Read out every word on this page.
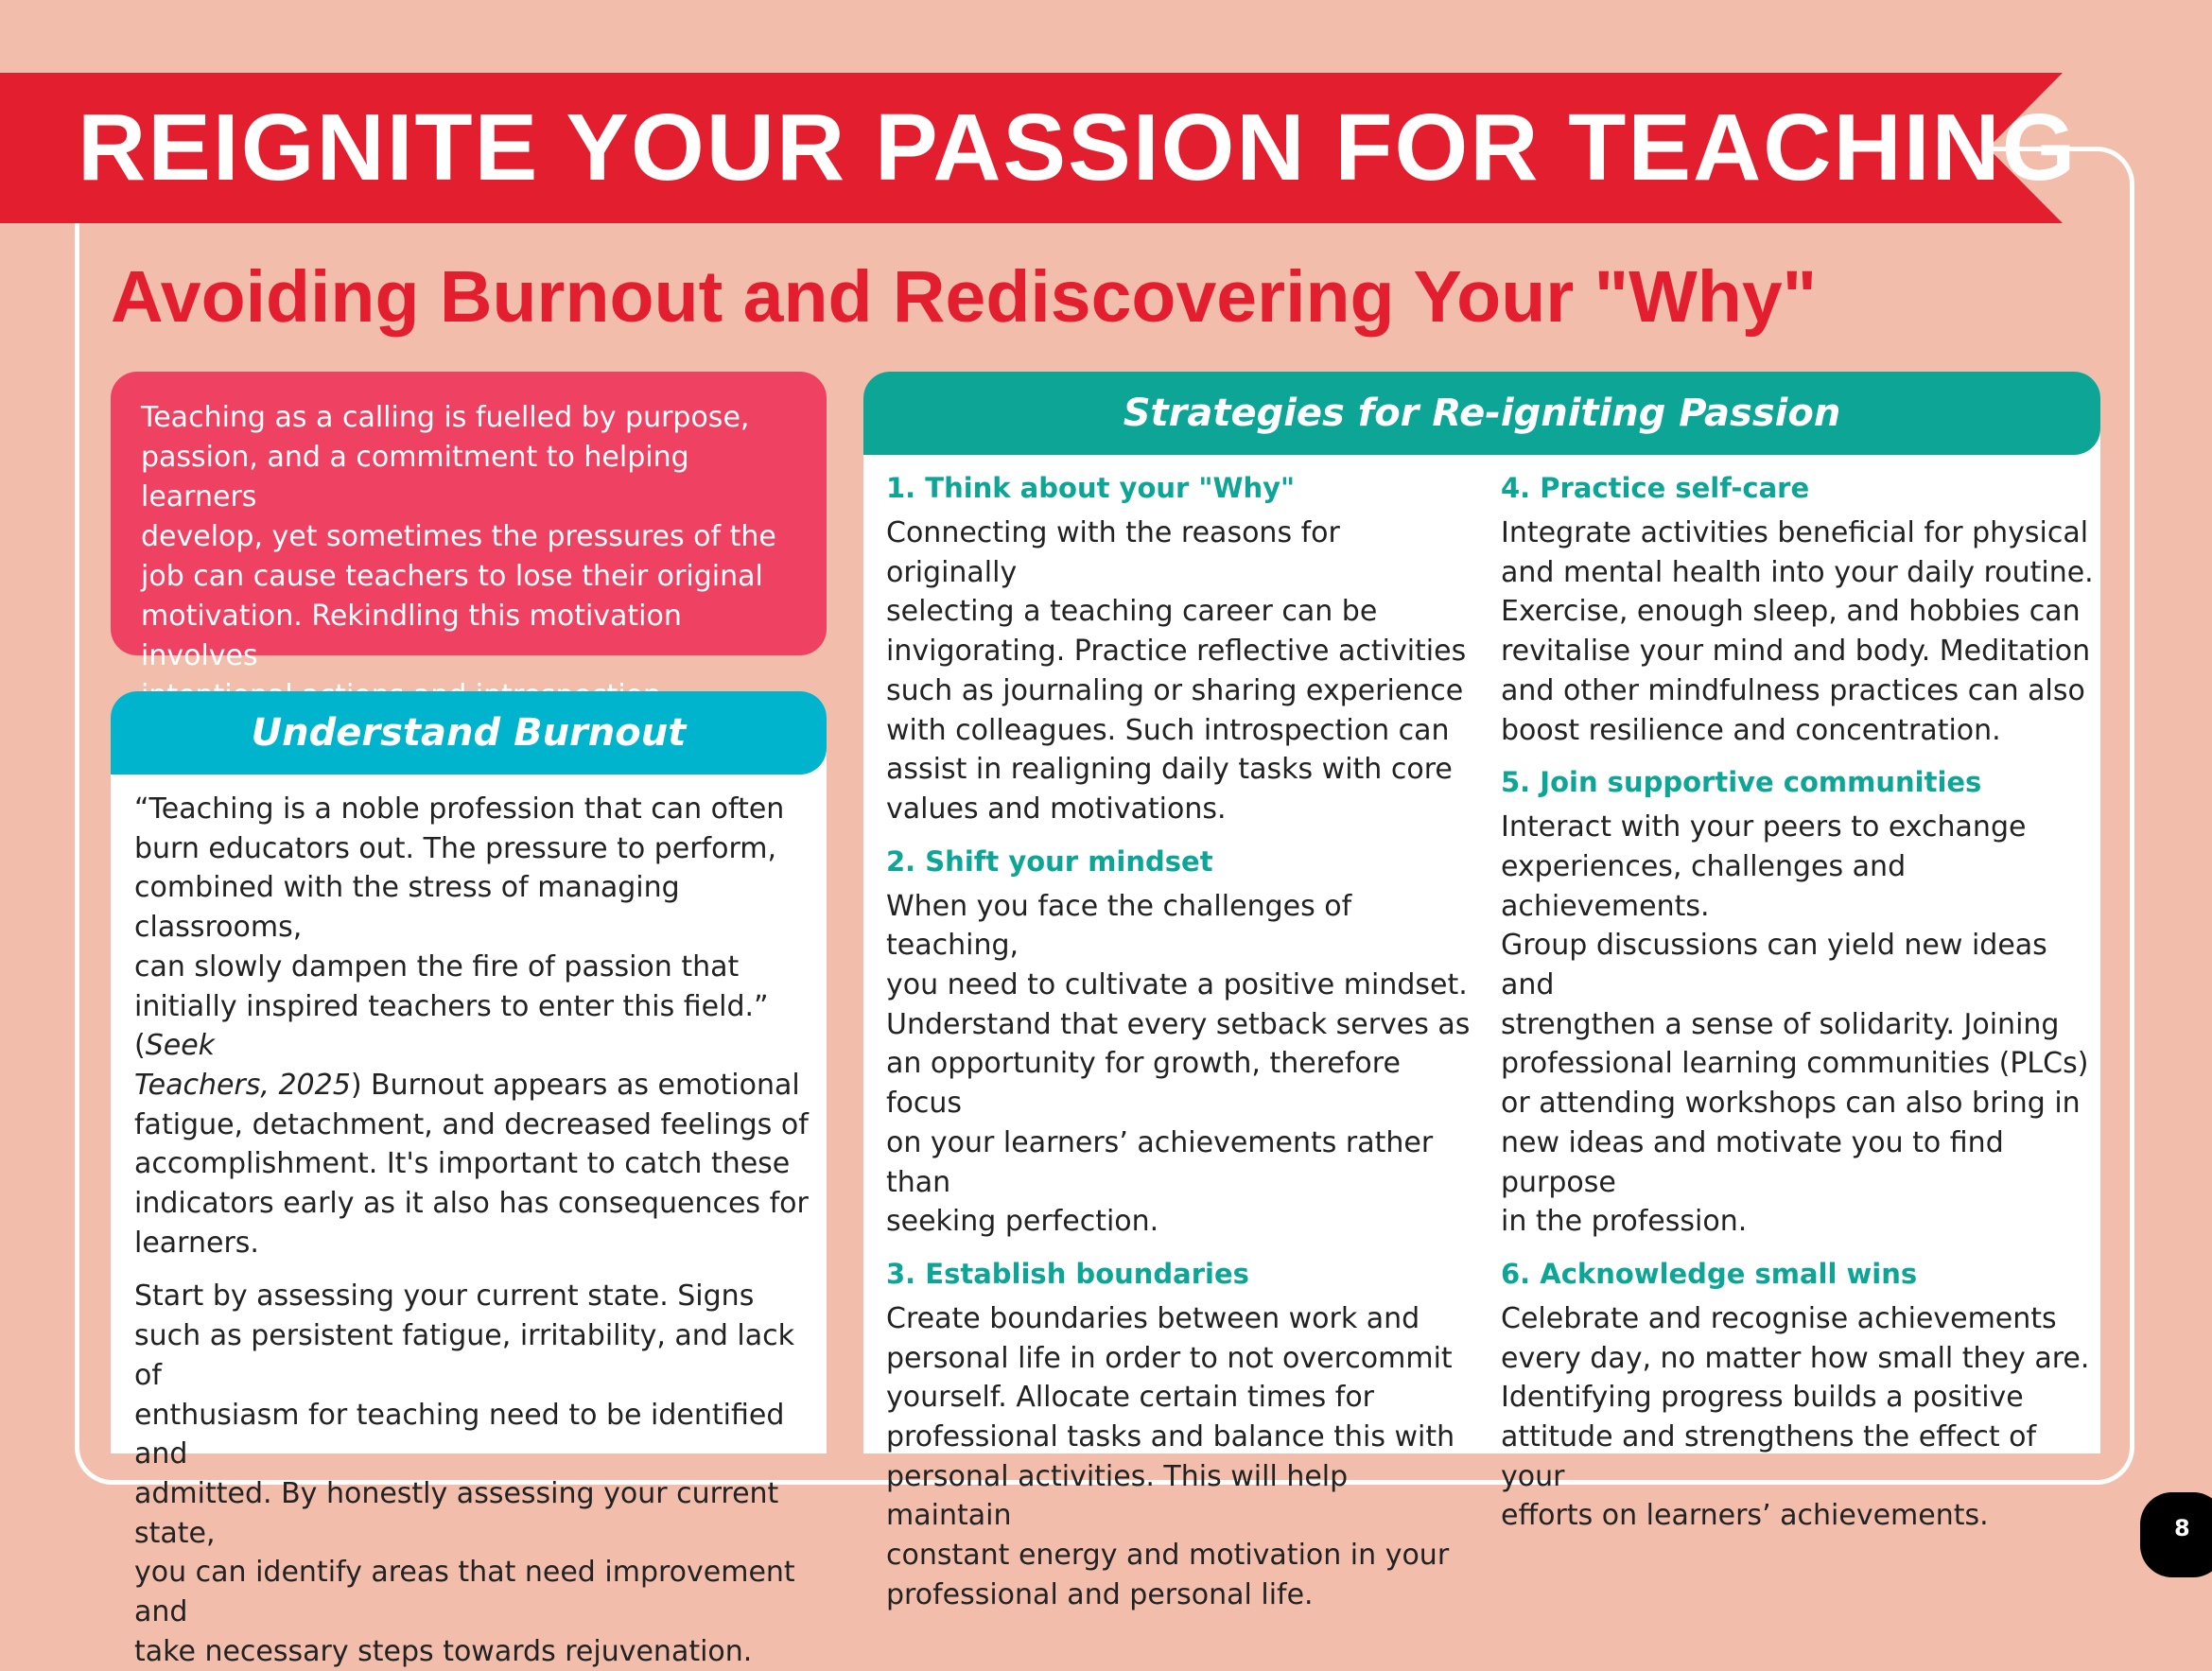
REIGNITE YOUR PASSION FOR TEACHING
Avoiding Burnout and Rediscovering Your "Why"
Teaching as a calling is fuelled by purpose,
passion, and a commitment to helping learners
develop, yet sometimes the pressures of the
job can cause teachers to lose their original
motivation. Rekindling this motivation involves
Understand Burnout
“Teaching is a noble profession that can often
burn educators out. The pressure to perform,
combined with the stress of managing classrooms,
can slowly dampen the fire of passion that
initially inspired teachers to enter this field.” (Seek
Teachers, 2025) Burnout appears as emotional
fatigue, detachment, and decreased feelings of
accomplishment. It's important to catch these
indicators early as it also has consequences for
learners.
Start by assessing your current state. Signs
such as persistent fatigue, irritability, and lack of
enthusiasm for teaching need to be identified and
admitted. By honestly assessing your current state,
you can identify areas that need improvement and
take necessary steps towards rejuvenation.
Strategies for Re-igniting Passion
1. Think about your "Why"
Connecting with the reasons for originally
selecting a teaching career can be
invigorating. Practice reflective activities
such as journaling or sharing experience
with colleagues. Such introspection can
assist in realigning daily tasks with core
values and motivations.
2. Shift your mindset
When you face the challenges of teaching,
you need to cultivate a positive mindset.
Understand that every setback serves as
an opportunity for growth, therefore focus
on your learners’ achievements rather than
seeking perfection.
3. Establish boundaries
Create boundaries between work and
personal life in order to not overcommit
yourself. Allocate certain times for
professional tasks and balance this with
personal activities. This will help maintain
constant energy and motivation in your
professional and personal life.
4. Practice self-care
Integrate activities beneficial for physical
and mental health into your daily routine.
Exercise, enough sleep, and hobbies can
revitalise your mind and body. Meditation
and other mindfulness practices can also
boost resilience and concentration.
5. Join supportive communities
Interact with your peers to exchange
experiences, challenges and achievements.
Group discussions can yield new ideas and
strengthen a sense of solidarity. Joining
professional learning communities (PLCs)
or attending workshops can also bring in
new ideas and motivate you to find purpose
in the profession.
6. Acknowledge small wins
Celebrate and recognise achievements
every day, no matter how small they are.
Identifying progress builds a positive
attitude and strengthens the effect of your
efforts on learners’ achievements.	8
